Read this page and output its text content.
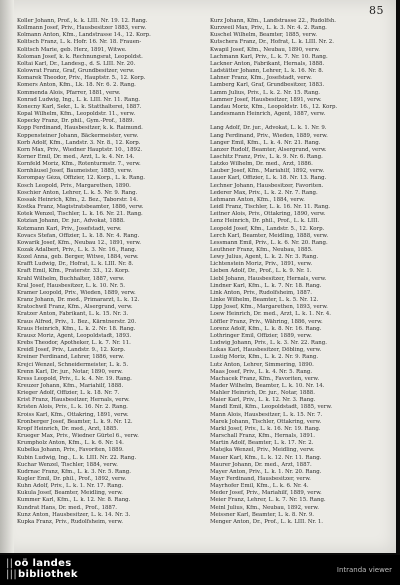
85
Koller Johann, Prof., k. k. LIII. Nr. 19. 12. Rang.
Kollmann Josef, Priv., Hausbesitzer 1883, verw.
Kolmann Anton, Kfm., Landstrasse 14., 12. Korp.
Kolitsch Franz, L. k. Hofr. 16. Nr. 18. Frauen-
Kolitsch Marie, geb. Herz, 1891, Witwe.
Koloman Josef, k. k. Rechnungsrat, Leopoldst.
Koltai Karl, Dr., Landesg., d. S. LIII. Nr. 20.
Kolowrat Franz, Graf, Grundbesitzer, verw.
Komarek Theodor, Priv., Hauptstr. 5., 12. Korp.
Komers Anton, Kfm., Lk. 18. Nr. 6. 2. Rang.
Kommenda Alois, Pfarrer, 1881, verw.
Konrad Ludwig, Ing., L. k. LIII. Nr. 11. Rang.
Konecny Karl, Sekr., L. k. Statthalterei, 1887.
Kopal Wilhelm, Kfm., Leopoldstr. 11., verw.
Kopecky Franz, Dr. phil., Gym.-Prof., 1889.
Kopp Ferdinand, Hausbesitzer, k. k. Raimund.
Koppensteiner Johann, Bäckermeister, verw.
Korb Adolf, Kfm., Landstr. 3. Nr. 8., 12. Korp.
Korn Max, Priv., Wiedner Hauptstr. 10., 1892.
Korner Emil, Dr. med., Arzt, L. k. 4. Nr. 14.
Kornfeld Moriz, Kfm., Rotenturmstr. 7., verw.
Kornhäusel Josef, Baumeister, 1885, verw.
Korompay Géza, Offizier, 12. Korp., L. k. Rang.
Kosch Leopold, Priv., Margarethen, 1890.
Koschier Anton, Lehrer, L. k. 5. Nr. 9. Rang.
Kossak Heinrich, Kfm., 2. Bez., Taborstr. 14.
Kostka Franz, Magistratsbeamter, 1886, verw.
Kotek Wenzel, Tischler, L. k. 16. Nr. 21. Rang.
Kotzian Johann, Dr. jur., Advokat, 1888.
Kotzmann Karl, Priv., Josefstadt, verw.
Kovacs Stefan, Offizier, L. k. 18. Nr. 4. Rang.
Kowarik Josef, Kfm., Neubau 12., 1891, verw.
Kozak Adalbert, Priv., L. k. 3. Nr. 16., Rang.
Kozel Anna, geb. Berger, Witwe, 1884, verw.
Krafft Ludwig, Dr., Hofrat, L. k. LIII. Nr. 8.
Kraft Emil, Kfm., Praterstr. 33., 12. Korp.
Krahl Wilhelm, Buchhalter, 1887, verw.
Kral Josef, Hausbesitzer, L. k. 10. Nr. 5.
Kramer Leopold, Priv., Wieden, 1889, verw.
Kranz Johann, Dr. med., Primararzt, L. k. 12.
Kratochwil Franz, Kfm., Alsergrund, verw.
Kratzer Anton, Fabrikant, L. k. 15. Nr. 3.
Kraus Alfred, Priv., 1. Bez., Kärntnerstr. 20.
Kraus Heinrich, Kfm., L. k. 2. Nr. 18. Rang.
Krausz Moriz, Agent, Leopoldstadt, 1893.
Krebs Theodor, Apotheker, L. k. 7. Nr. 11.
Kreidl Josef, Priv., Landstr. 9., 12. Korp.
Kreiner Ferdinand, Lehrer, 1886, verw.
Krejci Wenzel, Schneidermeister, L. k. 5.
Krenn Karl, Dr. jur., Notar, 1890, verw.
Kress Leopold, Priv., L. k. 4. Nr. 19. Rang.
Kreuzer Johann, Kfm., Mariahilf, 1888.
Krieger Adolf, Offizier, L. k. 18. Nr. 7.
Krist Franz, Hausbesitzer, Hernals, verw.
Kristen Alois, Priv., L. k. 16. Nr. 2. Rang.
Kroiss Karl, Kfm., Ottakring, 1891, verw.
Kronberger Josef, Beamter, L. k. 9. Nr. 12.
Kropf Heinrich, Dr. med., Arzt, 1885.
Krueger Max, Priv., Wiedner Gürtel 6., verw.
Krumpholz Anton, Kfm., L. k. 6. Nr. 14.
Kubelka Johann, Priv., Favoriten, 1889.
Kubin Ludwig, Ing., L. k. LIII. Nr. 22. Rang.
Kuchar Wenzel, Tischler, 1884, verw.
Kudrnac Franz, Kfm., L. k. 3. Nr. 5. Rang.
Kugler Emil, Dr. phil., Prof., 1892, verw.
Kuhn Adolf, Priv., L. k. 1. Nr. 17. Rang.
Kukula Josef, Beamter, Meidling, verw.
Kummer Karl, Kfm., L. k. 12. Nr. 8. Rang.
Kundrat Hans, Dr. med., Prof., 1887.
Kunz Anton, Hausbesitzer, L. k. 14. Nr. 3.
Kupka Franz, Priv., Rudolfsheim, verw.
Kurz Johann, Kfm., Landstrasse 22., Rudolfsh.
Kurzweil Max, Priv., L. k. 3. Nr. 4. 2. Rang.
Kuschel Wilhelm, Beamter, 1885, verw.
Kutschera Franz, Dr., Hofrat, L. k. LIII. Nr. 2.
Kwapil Josef, Kfm., Neubau, 1890, verw.
Lachmann Karl, Priv., L. k. 7. Nr. 10. Rang.
Lackner Anton, Fabrikant, Hernals, 1888.
Ladstätter Johann, Lehrer, L. k. 16. Nr. 8.
Lahner Franz, Kfm., Josefstadt, verw.
Lamberg Karl, Graf, Grundbesitzer, 1883.
Lamm Julius, Priv., L. k. 2. Nr. 15. Rang.
Lammer Josef, Hausbesitzer, 1891, verw.
Landau Moriz, Kfm., Leopoldstr. 16., 12. Korp.
Landesmann Heinrich, Agent, 1887, verw.

Lang Adolf, Dr. jur., Advokat, L. k. 1. Nr. 9.
Lang Ferdinand, Priv., Wieden, 1889, verw.
Langer Emil, Kfm., L. k. 4. Nr. 21. Rang.
Lanzer Rudolf, Beamter, Alsergrund, verw.
Laschitz Franz, Priv., L. k. 9. Nr. 6. Rang.
Latzko Wilhelm, Dr. med., Arzt, 1886.
Lauber Josef, Kfm., Mariahilf, 1892, verw.
Lauer Karl, Offizier, L. k. 18. Nr. 13. Rang.
Lechner Johann, Hausbesitzer, Favoriten.
Lederer Max, Priv., L. k. 2. Nr. 7. Rang.
Lehmann Anton, Kfm., 1884, verw.
Leidl Franz, Tischler, L. k. 16. Nr. 11. Rang.
Leitner Alois, Priv., Ottakring, 1890, verw.
Lenz Heinrich, Dr. phil., Prof., L. k. LIII.
Leopold Josef, Kfm., Landstr. 5., 12. Korp.
Lerch Karl, Beamter, Meidling, 1888, verw.
Lessmann Emil, Priv., L. k. 6. Nr. 20. Rang.
Leuthner Franz, Kfm., Neubau, 1885.
Lewy Julius, Agent, L. k. 2. Nr. 3. Rang.
Lichtenstein Moriz, Priv., 1891, verw.
Lieben Adolf, Dr., Prof., L. k. 9. Nr. 1.
Liebl Johann, Hausbesitzer, Hernals, verw.
Lindner Karl, Kfm., L. k. 7. Nr. 18. Rang.
Link Anton, Priv., Rudolfsheim, 1887.
Linke Wilhelm, Beamter, L. k. 5. Nr. 12.
Lipp Josef, Kfm., Margarethen, 1893, verw.
Loew Heinrich, Dr. med., Arzt, L. k. 1. Nr. 4.
Löffler Franz, Priv., Währing, 1886, verw.
Lorenz Adolf, Kfm., L. k. 8. Nr. 16. Rang.
Lothringer Emil, Offizier, 1889, verw.
Ludwig Johann, Priv., L. k. 3. Nr. 22. Rang.
Lukas Karl, Hausbesitzer, Döbling, verw.
Lustig Moriz, Kfm., L. k. 2. Nr. 9. Rang.
Lutz Anton, Lehrer, Simmering, 1890.
Maas Josef, Priv., L. k. 4. Nr. 5. Rang.
Machacek Franz, Kfm., Favoriten, verw.
Mader Wilhelm, Beamter, L. k. 10. Nr. 14.
Mahler Heinrich, Dr. jur., Notar, 1888.
Maier Karl, Priv., L. k. 12. Nr. 3. Rang.
Mandl Emil, Kfm., Leopoldstadt, 1885, verw.
Mann Alois, Hausbesitzer, L. k. 15. Nr. 7.
Marek Johann, Tischler, Ottakring, verw.
Markl Josef, Priv., L. k. 16. Nr. 19. Rang.
Marschall Franz, Kfm., Hernals, 1891.
Martin Adolf, Beamter, L. k. 17. Nr. 2.
Matejka Wenzel, Priv., Meidling, verw.
Mauer Karl, Kfm., L. k. 12. Nr. 11. Rang.
Maurer Johann, Dr. med., Arzt, 1887.
Mayer Anton, Priv., L. k. 1. Nr. 20. Rang.
Mayr Ferdinand, Hausbesitzer, verw.
Mayrhofer Emil, Kfm., L. k. 6. Nr. 4.
Meder Josef, Priv., Mariahilf, 1889, verw.
Meier Franz, Lehrer, L. k. 7. Nr. 15. Rang.
Meinl Julius, Kfm., Neubau, 1892, verw.
Meissner Karl, Beamter, L. k. 8. Nr. 9.
Menger Anton, Dr., Prof., L. k. LIII. Nr. 1.
||oö landes
|||bibliothek	Intranda viewer
